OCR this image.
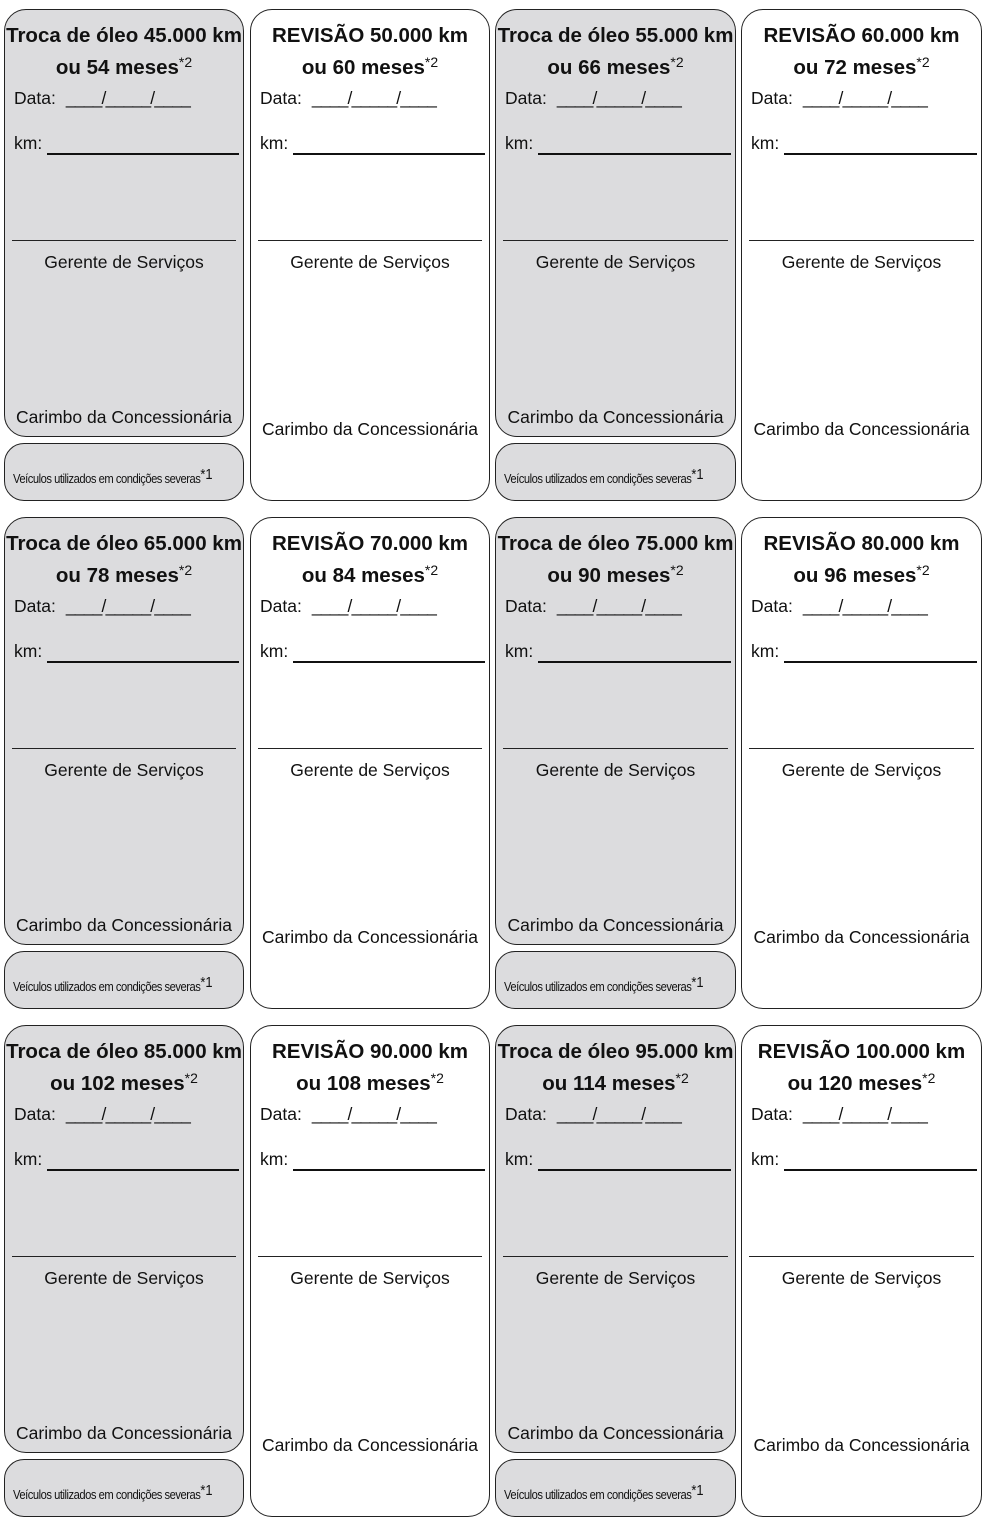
Troca de óleo 45.000 km
ou 54 meses$^{*2}$
Data: ____/_____/____
km:
Gerente de Serviços
Carimbo da Concessionária
Veículos utilizados em condições severas$^{*1}$
REVISÃO 50.000 km
ou 60 meses$^{*2}$
Data: ____/_____/____
km:
Gerente de Serviços
Carimbo da Concessionária
Troca de óleo 55.000 km
ou 66 meses$^{*2}$
Data: ____/_____/____
km:
Gerente de Serviços
Carimbo da Concessionária
Veículos utilizados em condições severas$^{*1}$
REVISÃO 60.000 km
ou 72 meses$^{*2}$
Data: ____/_____/____
km:
Gerente de Serviços
Carimbo da Concessionária
Troca de óleo 65.000 km
ou 78 meses$^{*2}$
Data: ____/_____/____
km:
Gerente de Serviços
Carimbo da Concessionária
Veículos utilizados em condições severas$^{*1}$
REVISÃO 70.000 km
ou 84 meses$^{*2}$
Data: ____/_____/____
km:
Gerente de Serviços
Carimbo da Concessionária
Troca de óleo 75.000 km
ou 90 meses$^{*2}$
Data: ____/_____/____
km:
Gerente de Serviços
Carimbo da Concessionária
Veículos utilizados em condições severas$^{*1}$
REVISÃO 80.000 km
ou 96 meses$^{*2}$
Data: ____/_____/____
km:
Gerente de Serviços
Carimbo da Concessionária
Troca de óleo 85.000 km
ou 102 meses$^{*2}$
Data: ____/_____/____
km:
Gerente de Serviços
Carimbo da Concessionária
Veículos utilizados em condições severas$^{*1}$
REVISÃO 90.000 km
ou 108 meses$^{*2}$
Data: ____/_____/____
km:
Gerente de Serviços
Carimbo da Concessionária
Troca de óleo 95.000 km
ou 114 meses$^{*2}$
Data: ____/_____/____
km:
Gerente de Serviços
Carimbo da Concessionária
Veículos utilizados em condições severas$^{*1}$
REVISÃO 100.000 km
ou 120 meses$^{*2}$
Data: ____/_____/____
km:
Gerente de Serviços
Carimbo da Concessionária
